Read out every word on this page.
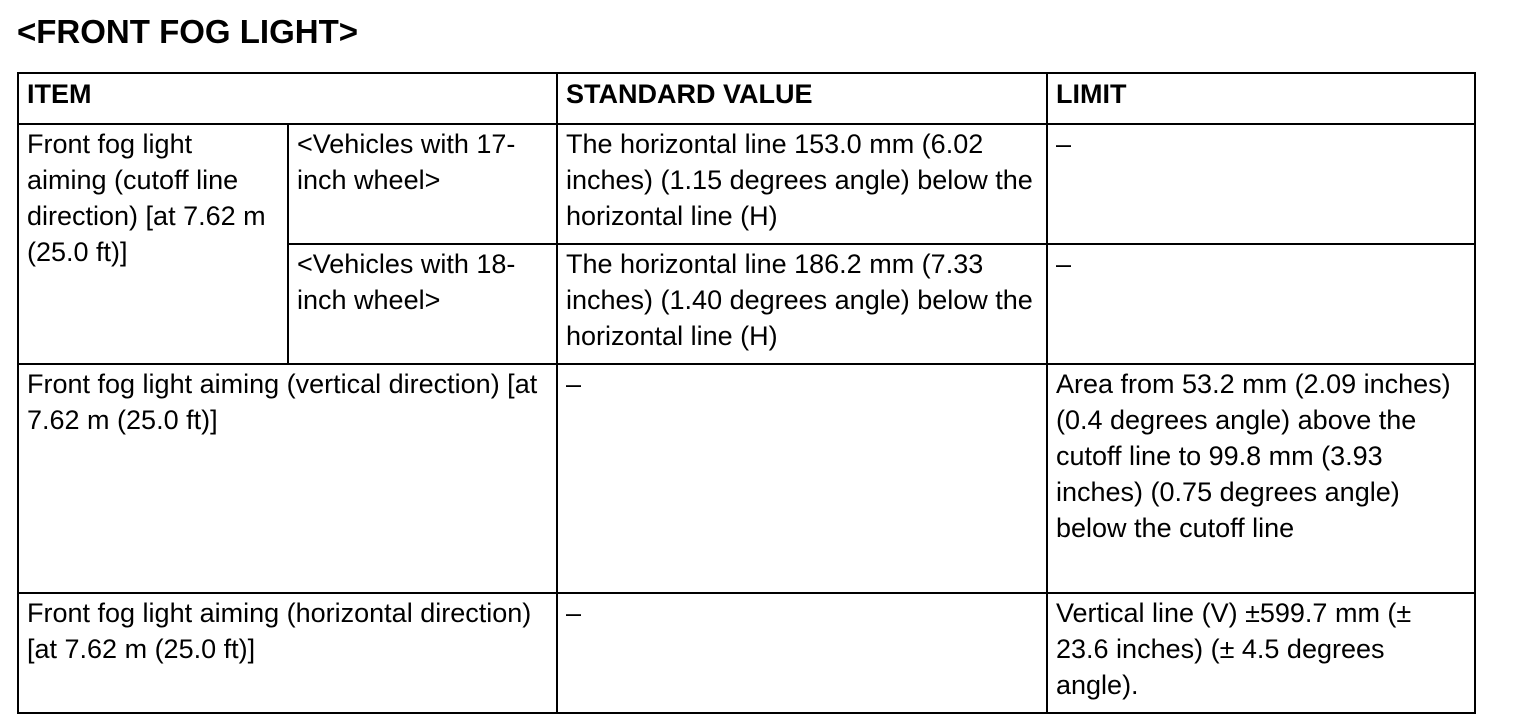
<FRONT FOG LIGHT>
ITEM		STANDARD VALUE	LIMIT
Front fog light aiming (cutoff line direction) [at 7.62 m (25.0 ft)]	<Vehicles with 17-inch wheel>	The horizontal line 153.0 mm (6.02 inches) (1.15 degrees angle) below the horizontal line (H)	–
	<Vehicles with 18-inch wheel>	The horizontal line 186.2 mm (7.33 inches) (1.40 degrees angle) below the horizontal line (H)	–
Front fog light aiming (vertical direction) [at 7.62 m (25.0 ft)]		–	Area from 53.2 mm (2.09 inches) (0.4 degrees angle) above the cutoff line to 99.8 mm (3.93 inches) (0.75 degrees angle) below the cutoff line
Front fog light aiming (horizontal direction) [at 7.62 m (25.0 ft)]		–	Vertical line (V) ±599.7 mm (± 23.6 inches) (± 4.5 degrees angle).
